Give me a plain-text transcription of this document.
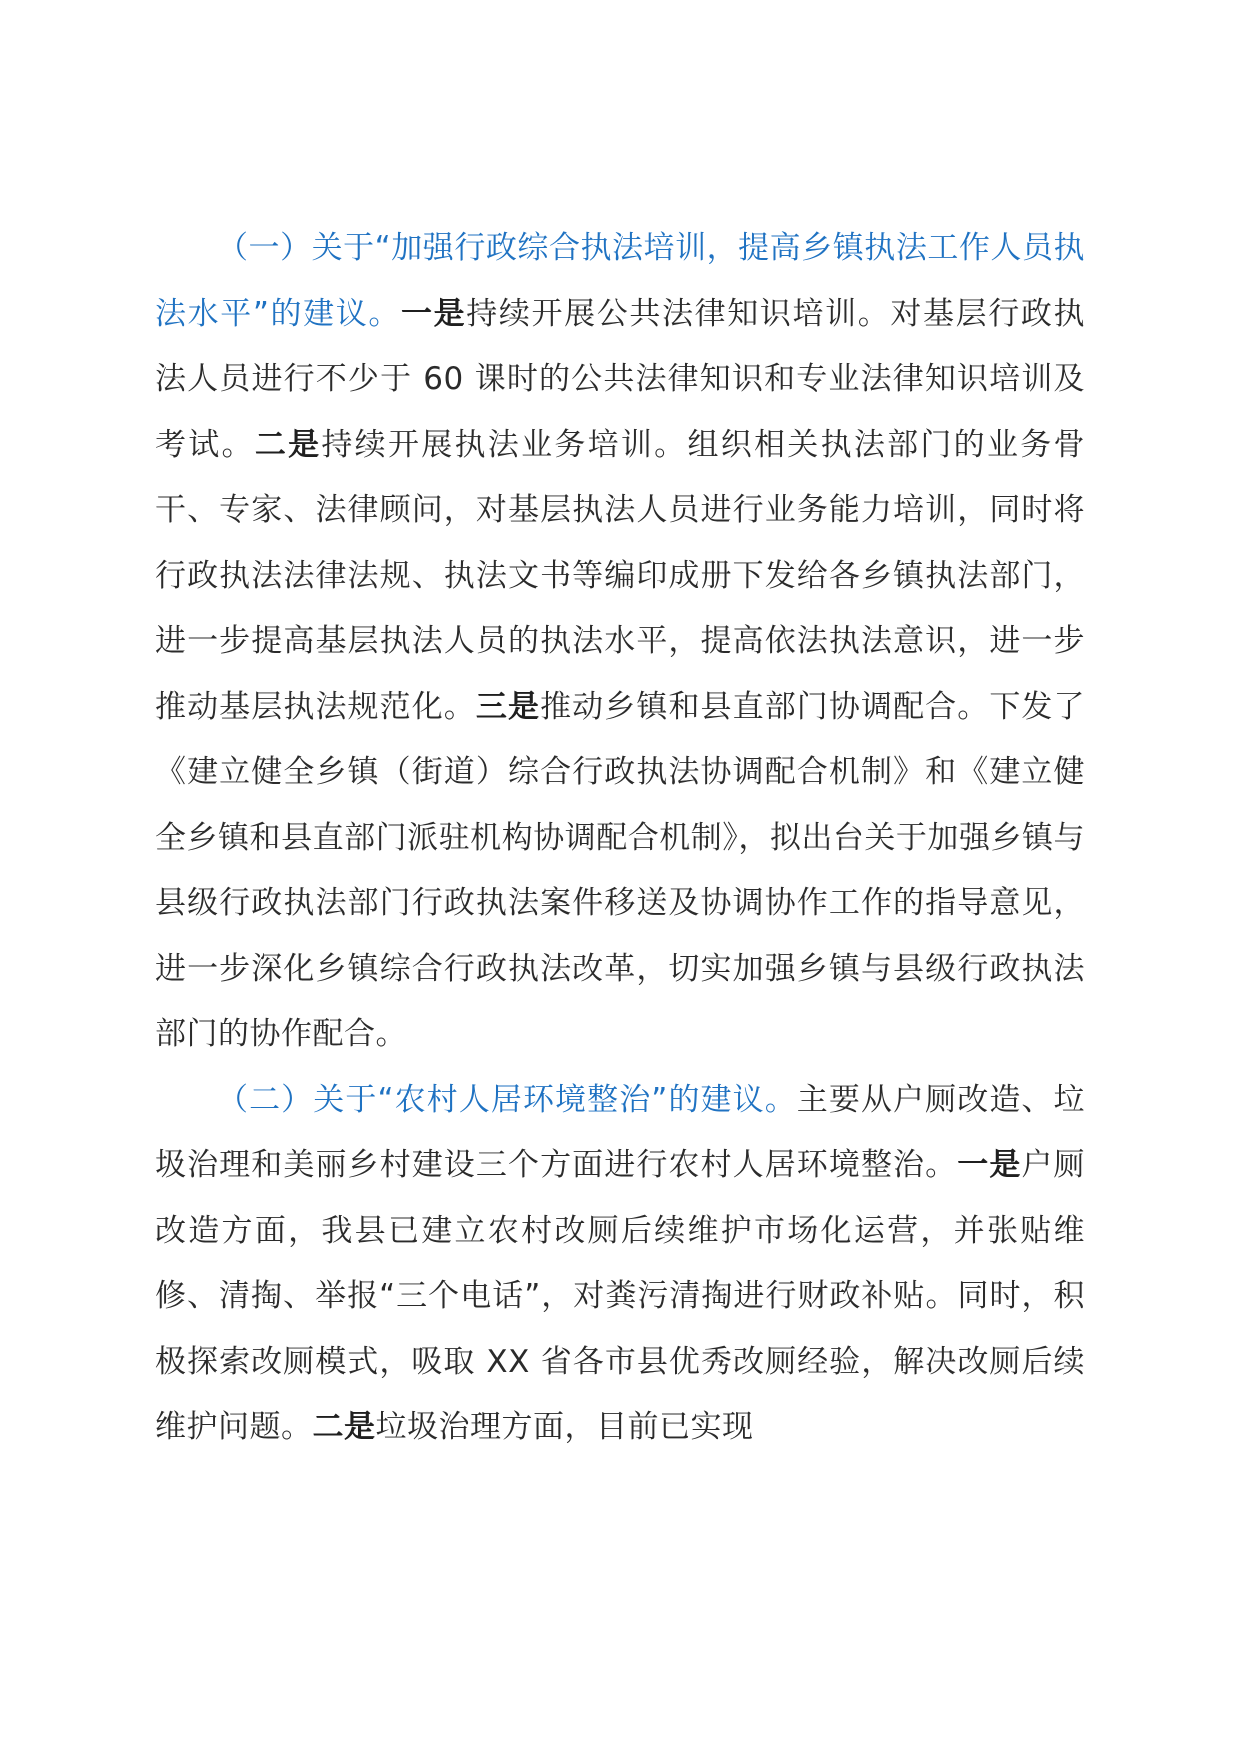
（一）关于“加强行政综合执法培训，提高乡镇执法工作人员执法水平”的建议。一是持续开展公共法律知识培训。对基层行政执法人员进行不少于 60 课时的公共法律知识和专业法律知识培训及考试。二是持续开展执法业务培训。组织相关执法部门的业务骨干、专家、法律顾问，对基层执法人员进行业务能力培训，同时将行政执法法律法规、执法文书等编印成册下发给各乡镇执法部门，进一步提高基层执法人员的执法水平，提高依法执法意识，进一步推动基层执法规范化。三是推动乡镇和县直部门协调配合。下发了《建立健全乡镇（街道）综合行政执法协调配合机制》和《建立健全乡镇和县直部门派驻机构协调配合机制》，拟出台关于加强乡镇与县级行政执法部门行政执法案件移送及协调协作工作的指导意见，进一步深化乡镇综合行政执法改革，切实加强乡镇与县级行政执法部门的协作配合。

（二）关于“农村人居环境整治”的建议。主要从户厕改造、垃圾治理和美丽乡村建设三个方面进行农村人居环境整治。一是户厕改造方面，我县已建立农村改厕后续维护市场化运营，并张贴维修、清掏、举报“三个电话”，对粪污清掏进行财政补贴。同时，积极探索改厕模式，吸取 XX 省各市县优秀改厕经验，解决改厕后续维护问题。二是垃圾治理方面，目前已实现
